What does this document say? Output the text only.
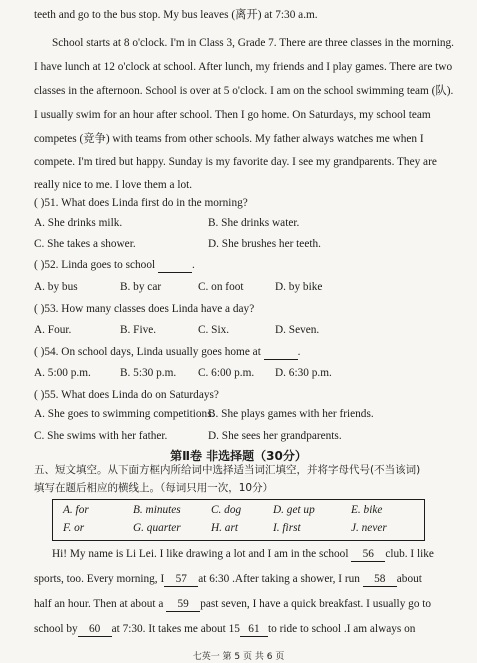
teeth and go to the bus stop. My bus leaves (离开) at 7:30 a.m.
School starts at 8 o'clock. I'm in Class 3, Grade 7. There are three classes in the morning.
I have lunch at 12 o'clock at school. After lunch, my friends and I play games. There are two
classes in the afternoon. School is over at 5 o'clock. I am on the school swimming team (队).
I usually swim for an hour after school. Then I go home. On Saturdays, my school team
competes (竞争) with teams from other schools. My father always watches me when I
compete. I'm tired but happy. Sunday is my favorite day. I see my grandparents. They are
really nice to me. I love them a lot.
( )51. What does Linda first do in the morning?
A. She drinks milk.	B. She drinks water.
C. She takes a shower.	D. She brushes her teeth.
( )52. Linda goes to school	.
A. by bus	B. by car	C. on foot	D. by bike
( )53. How many classes does Linda have a day?
A. Four.	B. Five.	C. Six.	D. Seven.
( )54. On school days, Linda usually goes home at	.
A. 5:00 p.m.	B. 5:30 p.m. C. 6:00 p.m. D. 6:30 p.m.
( )55. What does Linda do on Saturdays?
A. She goes to swimming competitions.
B. She plays games with her friends.
C. She swims with her father.	D. She sees her grandparents.
第Ⅱ卷 非选择题（30分）
五、短文填空。从下面方框内所给词中选择适当词汇填空，并将字母代号(不当该词)
填写在题后相应的横线上。（每词只用一次，10分）
A. for	B. minutes	C. dog	D. get up	E. bike
F. or	G. quarter	H. art	I. first	J. never
Hi! My name is Li Lei. I like drawing a lot and I am in the school 56 club. I like
sports, too. Every morning, I 57 at 6:30 .After taking a shower, I run 58 about
half an hour. Then at about a 59 past seven, I have a quick breakfast. I usually go to
school by 60 at 7:30. It takes me about 15 61 to ride to school .I am always on
七英一 第 5 页 共 6 页
